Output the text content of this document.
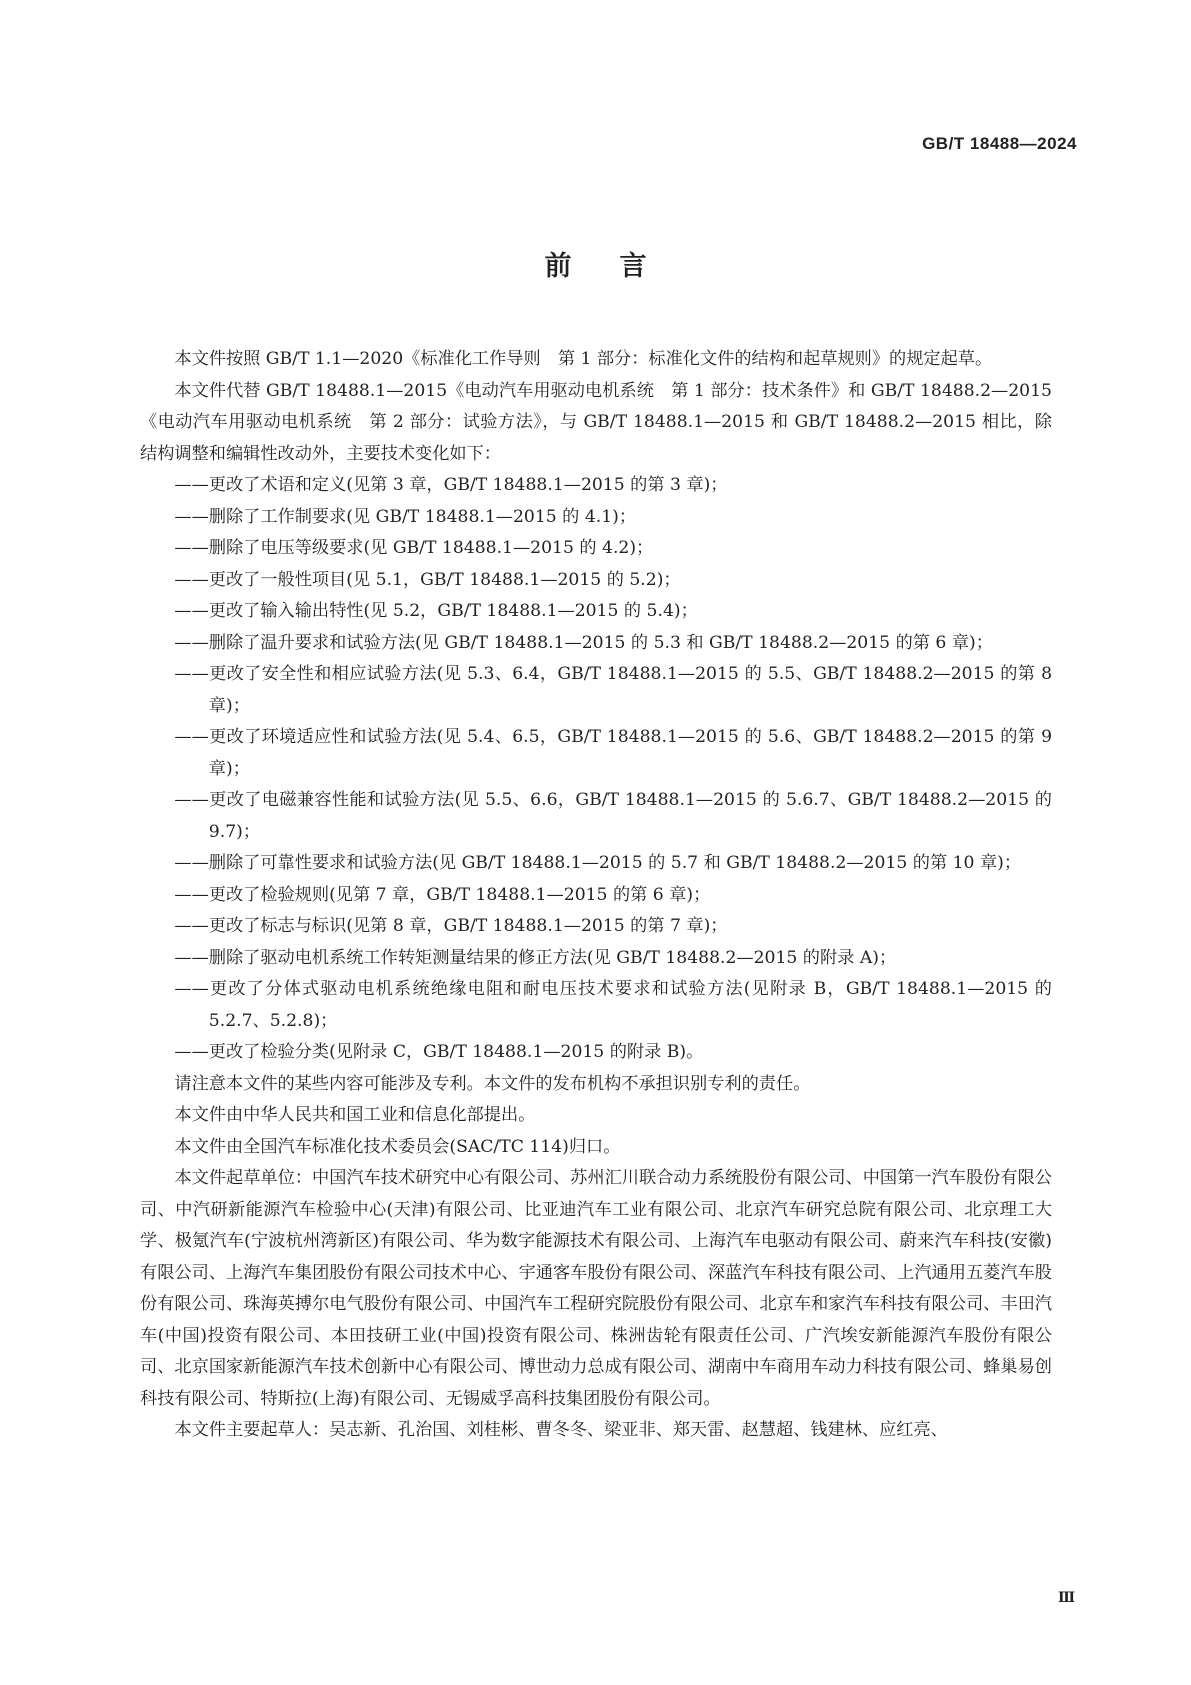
GB/T 18488—2024
前言

本文件按照 GB/T 1.1—2020《标准化工作导则　第 1 部分：标准化文件的结构和起草规则》的规定起草。

本文件代替 GB/T 18488.1—2015《电动汽车用驱动电机系统　第 1 部分：技术条件》和 GB/T 18488.2—2015《电动汽车用驱动电机系统　第 2 部分：试验方法》，与 GB/T 18488.1—2015 和 GB/T 18488.2—2015 相比，除结构调整和编辑性改动外，主要技术变化如下：

——更改了术语和定义(见第 3 章，GB/T 18488.1—2015 的第 3 章)；

——删除了工作制要求(见 GB/T 18488.1—2015 的 4.1)；

——删除了电压等级要求(见 GB/T 18488.1—2015 的 4.2)；

——更改了一般性项目(见 5.1，GB/T 18488.1—2015 的 5.2)；

——更改了输入输出特性(见 5.2，GB/T 18488.1—2015 的 5.4)；

——删除了温升要求和试验方法(见 GB/T 18488.1—2015 的 5.3 和 GB/T 18488.2—2015 的第 6 章)；

——更改了安全性和相应试验方法(见 5.3、6.4，GB/T 18488.1—2015 的 5.5、GB/T 18488.2—2015 的第 8 章)；

——更改了环境适应性和试验方法(见 5.4、6.5，GB/T 18488.1—2015 的 5.6、GB/T 18488.2—2015 的第 9 章)；

——更改了电磁兼容性能和试验方法(见 5.5、6.6，GB/T 18488.1—2015 的 5.6.7、GB/T 18488.2—2015 的 9.7)；

——删除了可靠性要求和试验方法(见 GB/T 18488.1—2015 的 5.7 和 GB/T 18488.2—2015 的第 10 章)；

——更改了检验规则(见第 7 章，GB/T 18488.1—2015 的第 6 章)；

——更改了标志与标识(见第 8 章，GB/T 18488.1—2015 的第 7 章)；

——删除了驱动电机系统工作转矩测量结果的修正方法(见 GB/T 18488.2—2015 的附录 A)；

——更改了分体式驱动电机系统绝缘电阻和耐电压技术要求和试验方法(见附录 B，GB/T 18488.1—2015 的 5.2.7、5.2.8)；

——更改了检验分类(见附录 C，GB/T 18488.1—2015 的附录 B)。

请注意本文件的某些内容可能涉及专利。本文件的发布机构不承担识别专利的责任。

本文件由中华人民共和国工业和信息化部提出。

本文件由全国汽车标准化技术委员会(SAC/TC 114)归口。

本文件起草单位：中国汽车技术研究中心有限公司、苏州汇川联合动力系统股份有限公司、中国第一汽车股份有限公司、中汽研新能源汽车检验中心(天津)有限公司、比亚迪汽车工业有限公司、北京汽车研究总院有限公司、北京理工大学、极氪汽车(宁波杭州湾新区)有限公司、华为数字能源技术有限公司、上海汽车电驱动有限公司、蔚来汽车科技(安徽)有限公司、上海汽车集团股份有限公司技术中心、宇通客车股份有限公司、深蓝汽车科技有限公司、上汽通用五菱汽车股份有限公司、珠海英搏尔电气股份有限公司、中国汽车工程研究院股份有限公司、北京车和家汽车科技有限公司、丰田汽车(中国)投资有限公司、本田技研工业(中国)投资有限公司、株洲齿轮有限责任公司、广汽埃安新能源汽车股份有限公司、北京国家新能源汽车技术创新中心有限公司、博世动力总成有限公司、湖南中车商用车动力科技有限公司、蜂巢易创科技有限公司、特斯拉(上海)有限公司、无锡威孚高科技集团股份有限公司。

本文件主要起草人：吴志新、孔治国、刘桂彬、曹冬冬、梁亚非、郑天雷、赵慧超、钱建林、应红亮、

Ⅲ
